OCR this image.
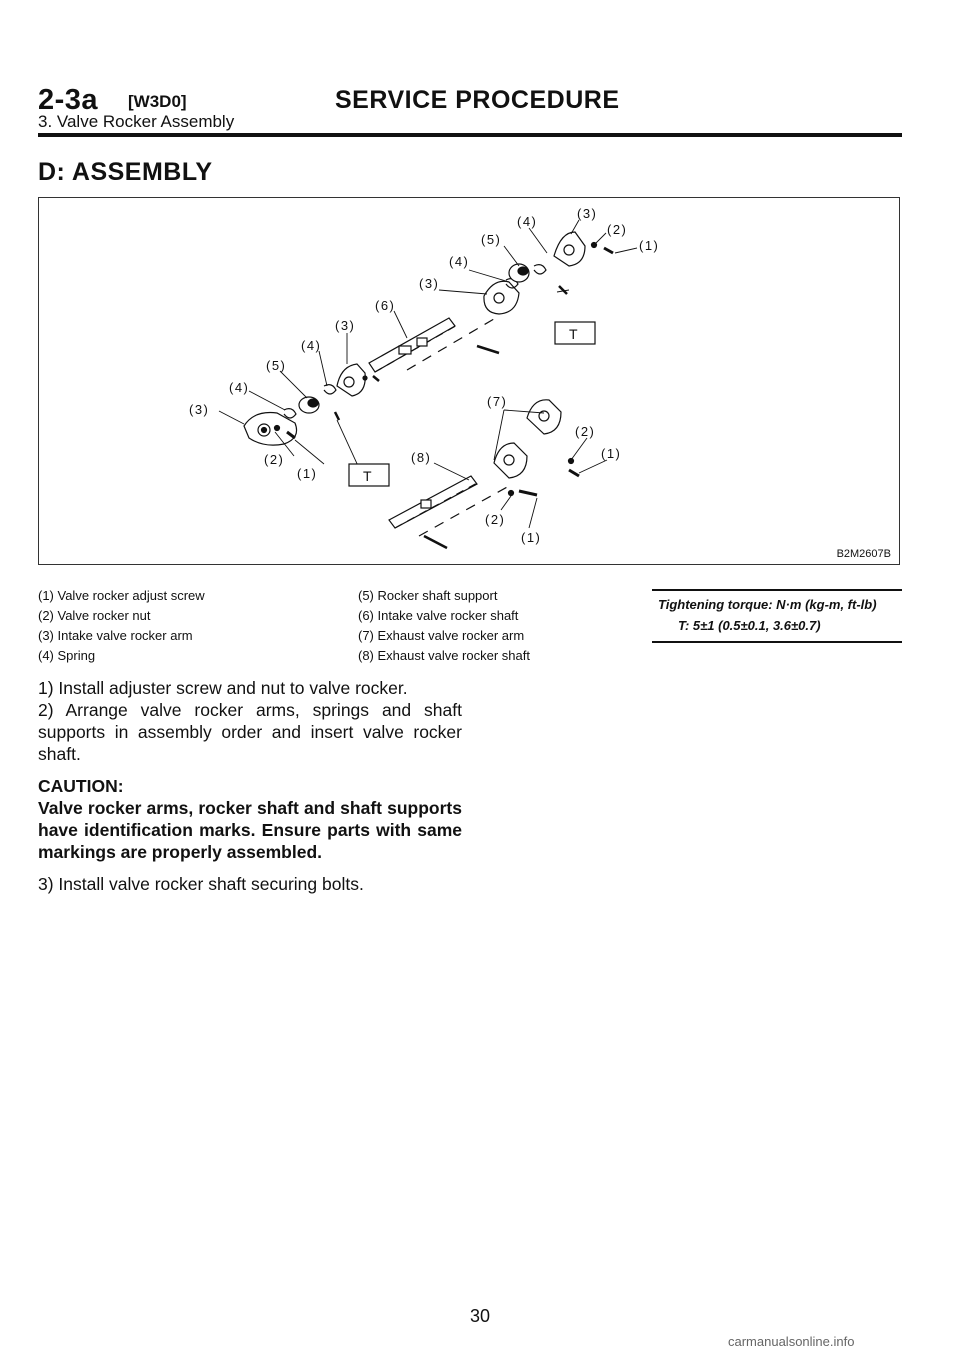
2-3a [W3D0]	SERVICE PROCEDURE
3. Valve Rocker Assembly
D: ASSEMBLY
(3)
(4)
(5)
(4)
(3)
(6)
(3)
(4)
(5)
(4)
(3)
(2)
(1)
(2)
(1)
(7)
(2)
(1)
(8)
(2)
(1)
T
T
B2M2607B
(1) Valve rocker adjust screw
(2) Valve rocker nut
(3) Intake valve rocker arm
(4) Spring
(5) Rocker shaft support
(6) Intake valve rocker shaft
(7) Exhaust valve rocker arm
(8) Exhaust valve rocker shaft

Tightening torque: N·m (kg-m, ft-lb)

T: 5±1 (0.5±0.1, 3.6±0.7)

1) Install adjuster screw and nut to valve rocker.

2) Arrange valve rocker arms, springs and shaft supports in assembly order and insert valve rocker shaft.

CAUTION:

Valve rocker arms, rocker shaft and shaft supports have identification marks. Ensure parts with same markings are properly assembled.

3) Install valve rocker shaft securing bolts.

30
carmanualsonline.info
